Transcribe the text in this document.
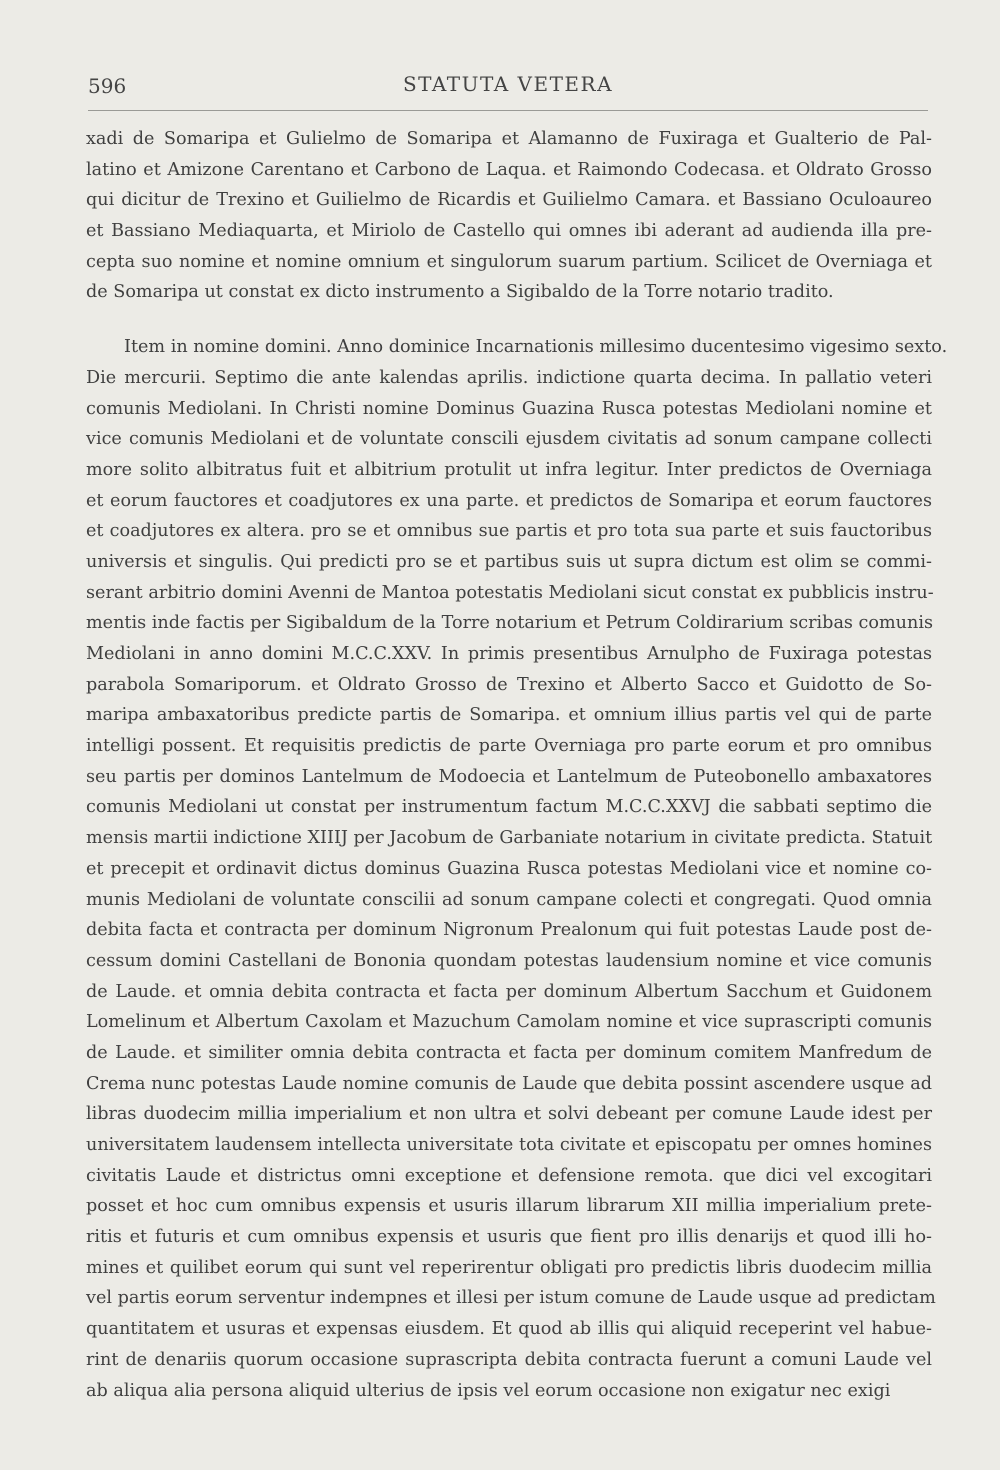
596	STATUTA VETERA
xadi de Somaripa et Gulielmo de Somaripa et Alamanno de Fuxiraga et Gualterio de Pal-
latino et Amizone Carentano et Carbono de Laqua. et Raimondo Codecasa. et Oldrato Grosso
qui dicitur de Trexino et Guilielmo de Ricardis et Guilielmo Camara. et Bassiano Oculoaureo
et Bassiano Mediaquarta, et Miriolo de Castello qui omnes ibi aderant ad audienda illa pre-
cepta suo nomine et nomine omnium et singulorum suarum partium. Scilicet de Overniaga et
de Somaripa ut constat ex dicto instrumento a Sigibaldo de la Torre notario tradito.
Item in nomine domini. Anno dominice Incarnationis millesimo ducentesimo vigesimo sexto.
Die mercurii. Septimo die ante kalendas aprilis. indictione quarta decima. In pallatio veteri
comunis Mediolani. In Christi nomine Dominus Guazina Rusca potestas Mediolani nomine et
vice comunis Mediolani et de voluntate conscili ejusdem civitatis ad sonum campane collecti
more solito albitratus fuit et albitrium protulit ut infra legitur. Inter predictos de Overniaga
et eorum fauctores et coadjutores ex una parte. et predictos de Somaripa et eorum fauctores
et coadjutores ex altera. pro se et omnibus sue partis et pro tota sua parte et suis fauctoribus
universis et singulis. Qui predicti pro se et partibus suis ut supra dictum est olim se commi-
serant arbitrio domini Avenni de Mantoa potestatis Mediolani sicut constat ex pubblicis instru-
mentis inde factis per Sigibaldum de la Torre notarium et Petrum Coldirarium scribas comunis
Mediolani in anno domini M.C.C.XXV. In primis presentibus Arnulpho de Fuxiraga potestas
parabola Somariporum. et Oldrato Grosso de Trexino et Alberto Sacco et Guidotto de So-
maripa ambaxatoribus predicte partis de Somaripa. et omnium illius partis vel qui de parte
intelligi possent. Et requisitis predictis de parte Overniaga pro parte eorum et pro omnibus
seu partis per dominos Lantelmum de Modoecia et Lantelmum de Puteobonello ambaxatores
comunis Mediolani ut constat per instrumentum factum M.C.C.XXVJ die sabbati septimo die
mensis martii indictione XIIIJ per Jacobum de Garbaniate notarium in civitate predicta. Statuit
et precepit et ordinavit dictus dominus Guazina Rusca potestas Mediolani vice et nomine co-
munis Mediolani de voluntate conscilii ad sonum campane colecti et congregati. Quod omnia
debita facta et contracta per dominum Nigronum Prealonum qui fuit potestas Laude post de-
cessum domini Castellani de Bononia quondam potestas laudensium nomine et vice comunis
de Laude. et omnia debita contracta et facta per dominum Albertum Sacchum et Guidonem
Lomelinum et Albertum Caxolam et Mazuchum Camolam nomine et vice suprascripti comunis
de Laude. et similiter omnia debita contracta et facta per dominum comitem Manfredum de
Crema nunc potestas Laude nomine comunis de Laude que debita possint ascendere usque ad
libras duodecim millia imperialium et non ultra et solvi debeant per comune Laude idest per
universitatem laudensem intellecta universitate tota civitate et episcopatu per omnes homines
civitatis Laude et districtus omni exceptione et defensione remota. que dici vel excogitari
posset et hoc cum omnibus expensis et usuris illarum librarum XII millia imperialium prete-
ritis et futuris et cum omnibus expensis et usuris que fient pro illis denarijs et quod illi ho-
mines et quilibet eorum qui sunt vel reperirentur obligati pro predictis libris duodecim millia
vel partis eorum serventur indempnes et illesi per istum comune de Laude usque ad predictam
quantitatem et usuras et expensas eiusdem. Et quod ab illis qui aliquid receperint vel habue-
rint de denariis quorum occasione suprascripta debita contracta fuerunt a comuni Laude vel
ab aliqua alia persona aliquid ulterius de ipsis vel eorum occasione non exigatur nec exigi
